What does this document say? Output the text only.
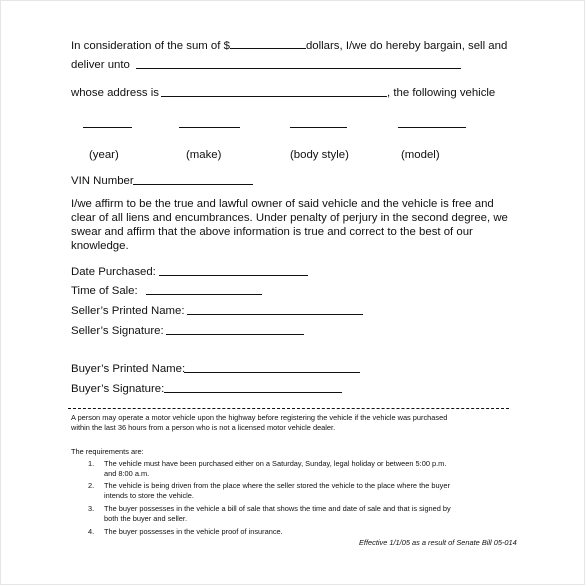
In consideration of the sum of $	dollars, I/we do hereby bargain, sell and
deliver unto
whose address is	, the following vehicle
(year)	(make)	(body style)	(model)
VIN Number
I/we affirm to be the true and lawful owner of said vehicle and the vehicle is free and
clear of all liens and encumbrances. Under penalty of perjury in the second degree, we
swear and affirm that the above information is true and correct to the best of our
knowledge.
Date Purchased:
Time of Sale:
Seller’s Printed Name:
Seller’s Signature:
Buyer’s Printed Name:
Buyer’s Signature:
A person may operate a motor vehicle upon the highway before registering the vehicle if the vehicle was purchased
within the last 36 hours from a person who is not a licensed motor vehicle dealer.
The requirements are:
1. The vehicle must have been purchased either on a Saturday, Sunday, legal holiday or between 5:00 p.m.
and 8:00 a.m.
2. The vehicle is being driven from the place where the seller stored the vehicle to the place where the buyer
intends to store the vehicle.
3. The buyer possesses in the vehicle a bill of sale that shows the time and date of sale and that is signed by
both the buyer and seller.
4. The buyer possesses in the vehicle proof of insurance.
Effective 1/1/05 as a result of Senate Bill 05-014
